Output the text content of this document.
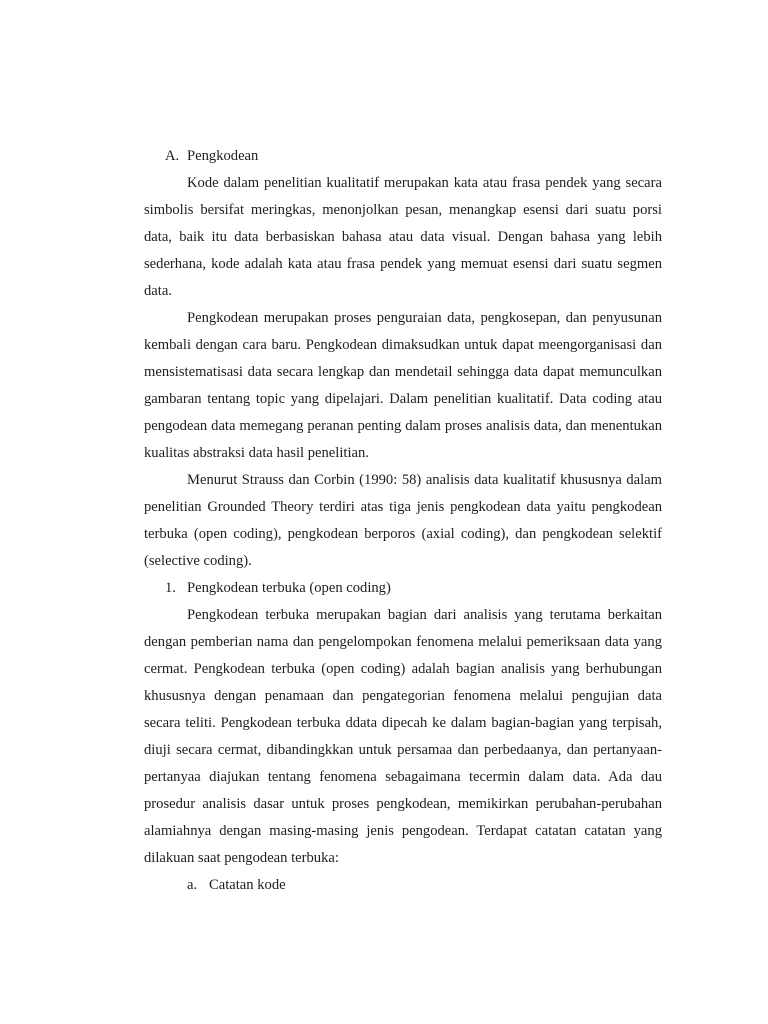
A. Pengkodean

Kode dalam penelitian kualitatif merupakan kata atau frasa pendek yang secara simbolis bersifat meringkas, menonjolkan pesan, menangkap esensi dari suatu porsi data, baik itu data berbasiskan bahasa atau data visual. Dengan bahasa yang lebih sederhana, kode adalah kata atau frasa pendek yang memuat esensi dari suatu segmen data.

Pengkodean merupakan proses penguraian data, pengkosepan, dan penyusunan kembali dengan cara baru. Pengkodean dimaksudkan untuk dapat meengorganisasi dan mensistematisasi data secara lengkap dan mendetail sehingga data dapat memunculkan gambaran tentang topic yang dipelajari. Dalam penelitian kualitatif. Data coding atau pengodean data memegang peranan penting dalam proses analisis data, dan menentukan kualitas abstraksi data hasil penelitian.

Menurut Strauss dan Corbin (1990: 58) analisis data kualitatif khususnya dalam penelitian Grounded Theory terdiri atas tiga jenis pengkodean data yaitu pengkodean terbuka (open coding), pengkodean berporos (axial coding), dan pengkodean selektif (selective coding).

1. Pengkodean terbuka (open coding)

Pengkodean terbuka merupakan bagian dari analisis yang terutama berkaitan dengan pemberian nama dan pengelompokan fenomena melalui pemeriksaan data yang cermat. Pengkodean terbuka (open coding) adalah bagian analisis yang berhubungan khususnya dengan penamaan dan pengategorian fenomena melalui pengujian data secara teliti. Pengkodean terbuka ddata dipecah ke dalam bagian-bagian yang terpisah, diuji secara cermat, dibandingkkan untuk persamaa dan perbedaanya, dan pertanyaan-pertanyaa diajukan tentang fenomena sebagaimana tecermin dalam data. Ada dau prosedur analisis dasar untuk proses pengkodean, memikirkan perubahan-perubahan alamiahnya dengan masing-masing jenis pengodean. Terdapat catatan catatan yang dilakuan saat pengodean terbuka:

a. Catatan kode
